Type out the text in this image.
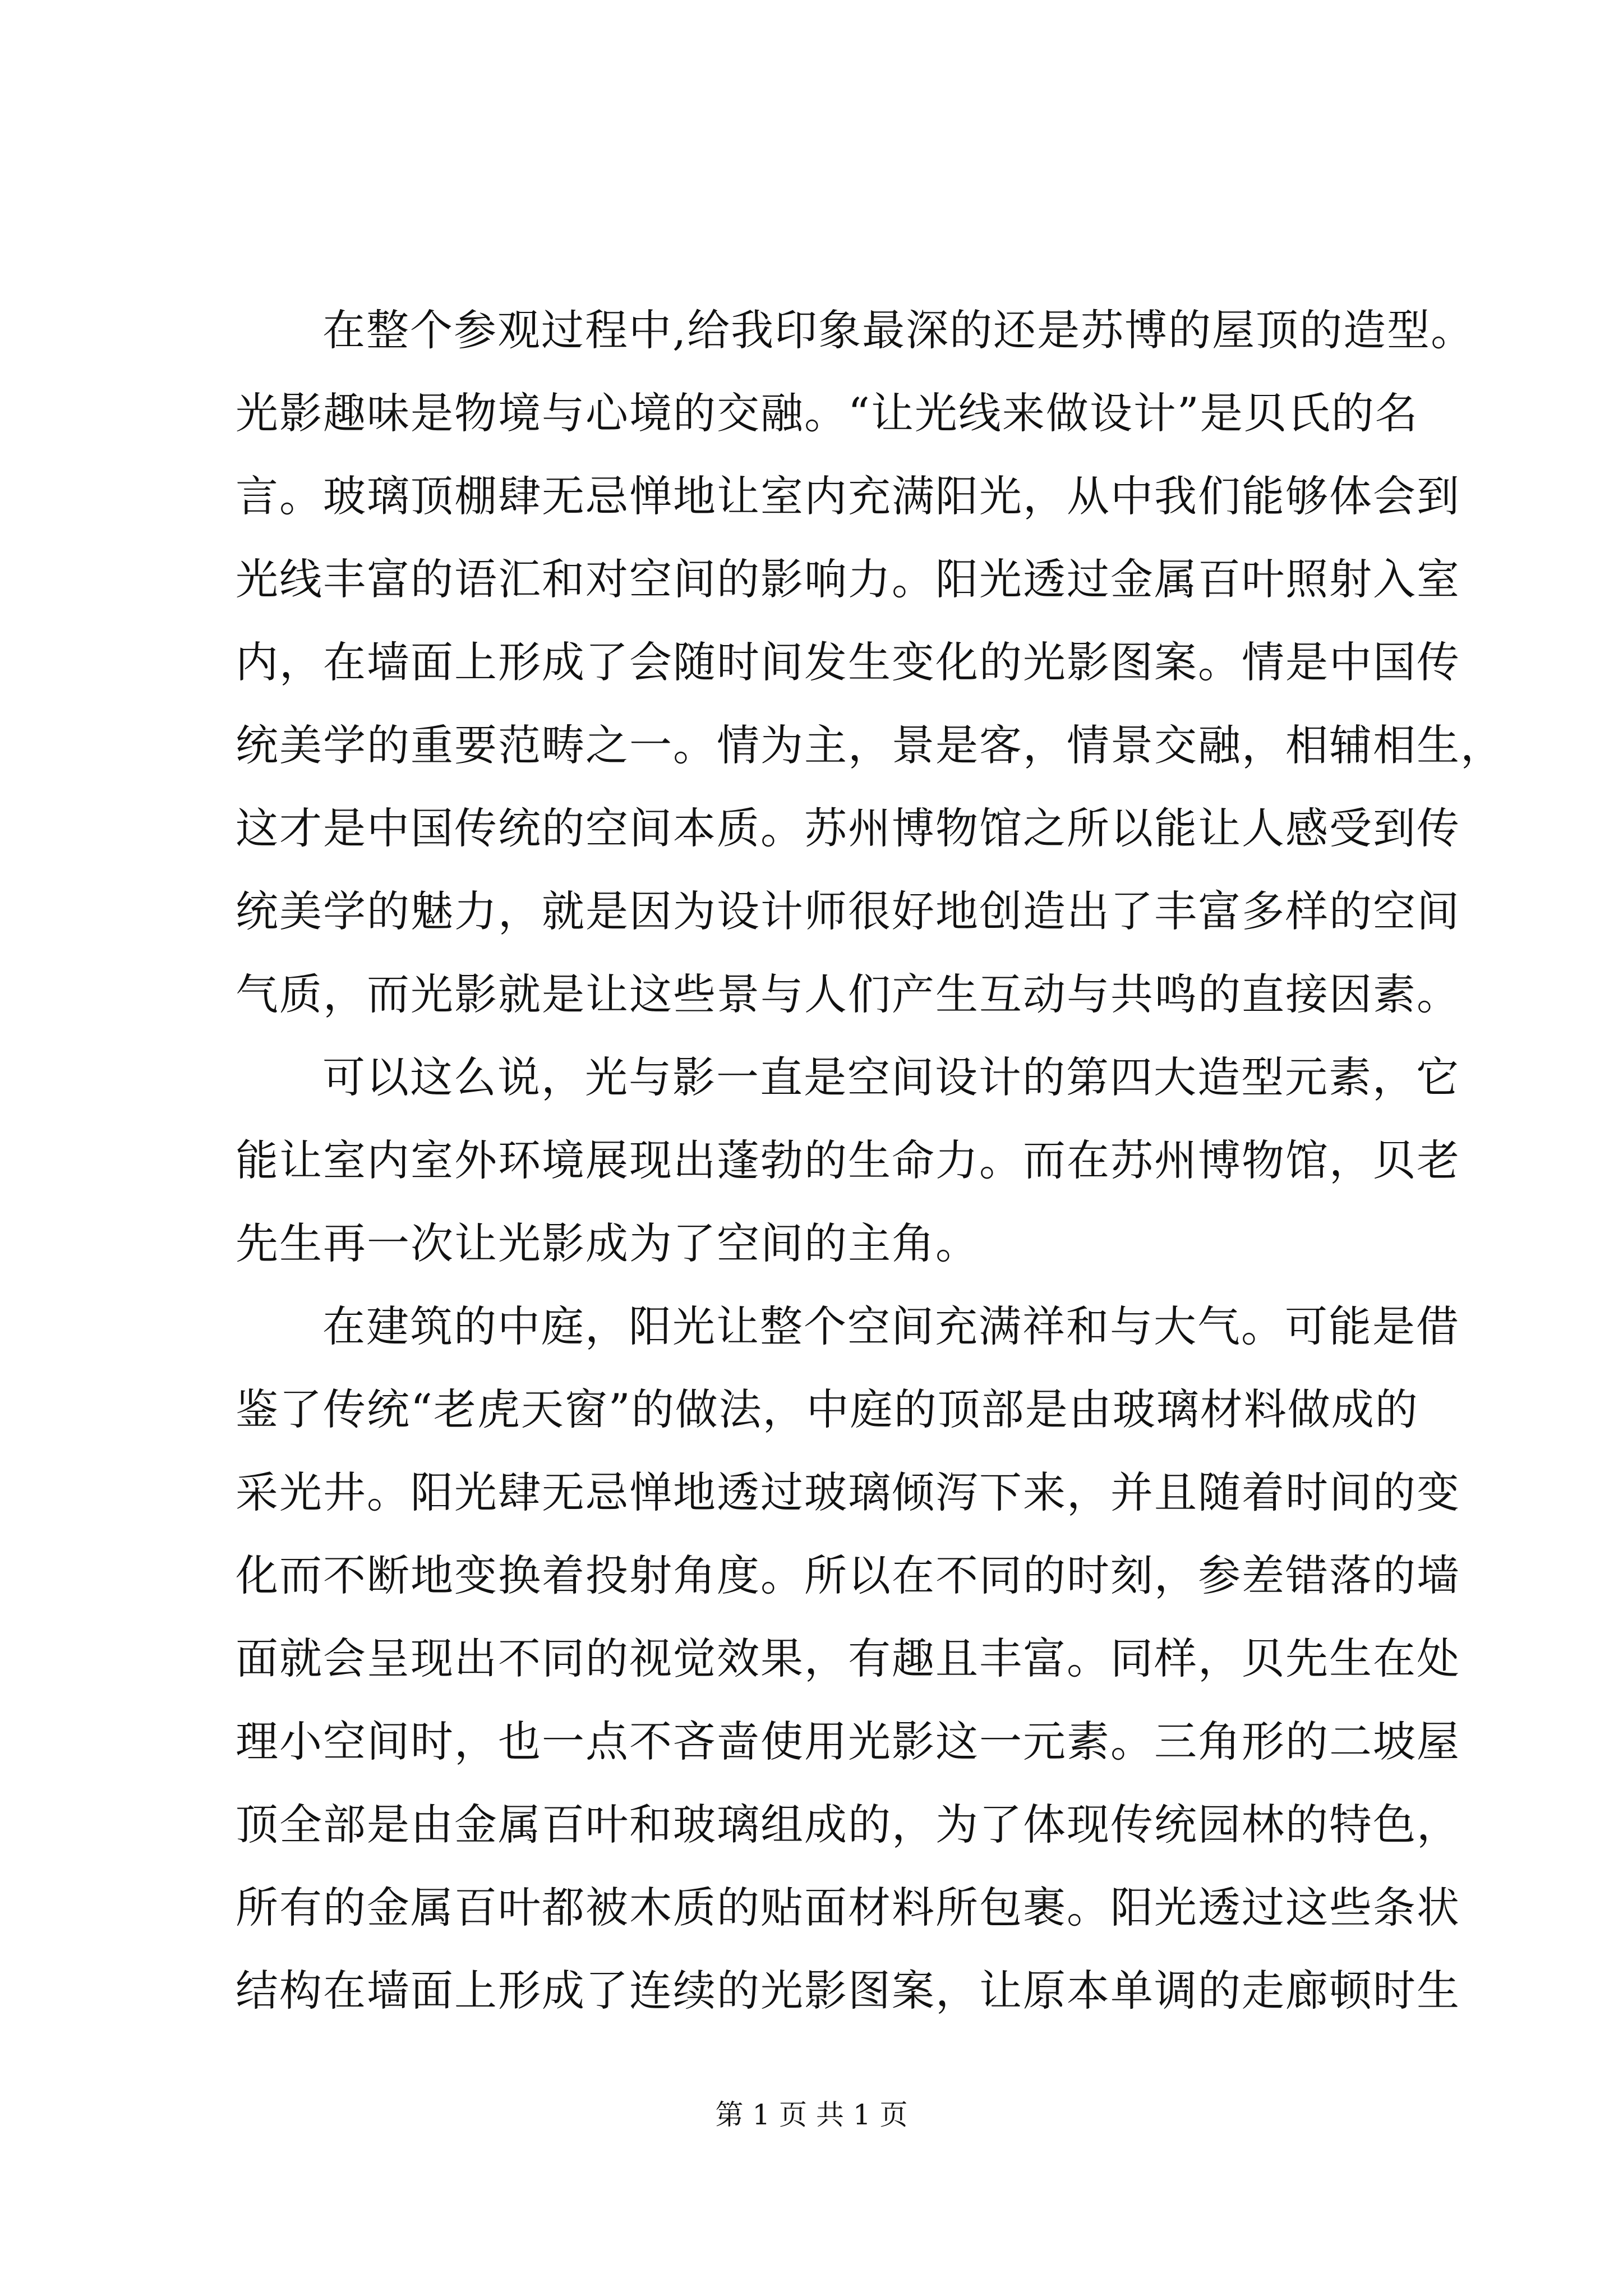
在整个参观过程中,给我印象最深的还是苏博的屋顶的造型。
光影趣味是物境与心境的交融。“让光线来做设计”是贝氏的名
言。玻璃顶棚肆无忌惮地让室内充满阳光，从中我们能够体会到
光线丰富的语汇和对空间的影响力。阳光透过金属百叶照射入室
内，在墙面上形成了会随时间发生变化的光影图案。情是中国传
统美学的重要范畴之一。情为主，景是客，情景交融，相辅相生，
这才是中国传统的空间本质。苏州博物馆之所以能让人感受到传
统美学的魅力，就是因为设计师很好地创造出了丰富多样的空间
气质，而光影就是让这些景与人们产生互动与共鸣的直接因素。
可以这么说，光与影一直是空间设计的第四大造型元素，它
能让室内室外环境展现出蓬勃的生命力。而在苏州博物馆，贝老
先生再一次让光影成为了空间的主角。
在建筑的中庭，阳光让整个空间充满祥和与大气。可能是借
鉴了传统“老虎天窗”的做法，中庭的顶部是由玻璃材料做成的
采光井。阳光肆无忌惮地透过玻璃倾泻下来，并且随着时间的变
化而不断地变换着投射角度。所以在不同的时刻，参差错落的墙
面就会呈现出不同的视觉效果，有趣且丰富。同样，贝先生在处
理小空间时，也一点不吝啬使用光影这一元素。三角形的二坡屋
顶全部是由金属百叶和玻璃组成的，为了体现传统园林的特色，
所有的金属百叶都被木质的贴面材料所包裹。阳光透过这些条状
结构在墙面上形成了连续的光影图案，让原本单调的走廊顿时生
第 1 页 共 1 页
